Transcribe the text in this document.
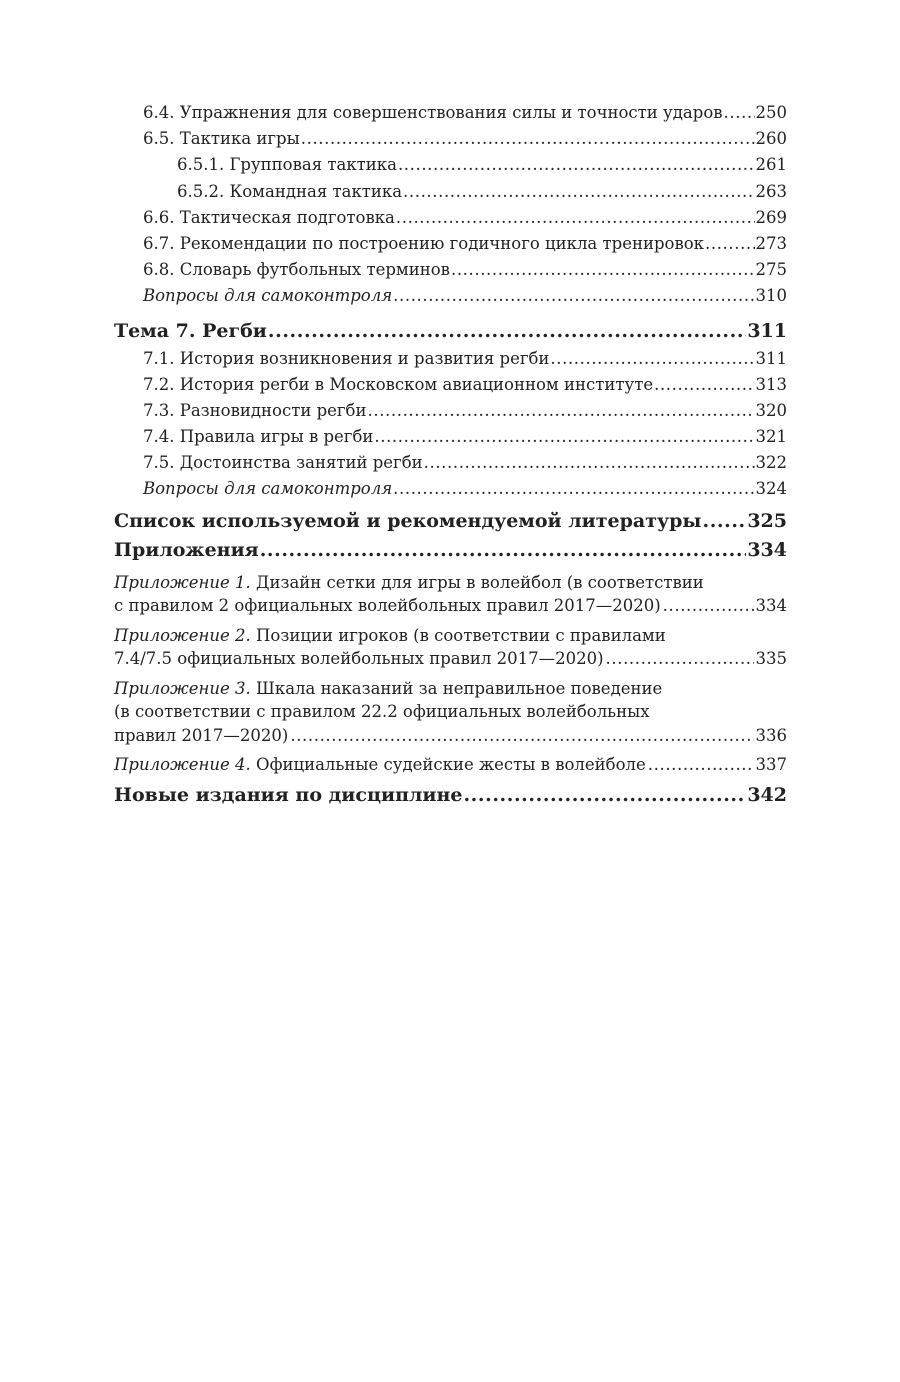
6.4. Упражнения для совершенствования силы и точности ударов ..... 250
6.5. Тактика игры .....	260
6.5.1. Групповая тактика .....	261
6.5.2. Командная тактика .....	263
6.6. Тактическая подготовка .....	269
6.7. Рекомендации по построению годичного цикла тренировок .....	273
6.8. Словарь футбольных терминов .....	275
Вопросы для самоконтроля .....	310
Тема 7. Регби .....	311
7.1. История возникновения и развития регби .....	311
7.2. История регби в Московском авиационном институте .....	313
7.3. Разновидности регби .....	320
7.4. Правила игры в регби .....	321
7.5. Достоинства занятий регби .....	322
Вопросы для самоконтроля .....	324
Список используемой и рекомендуемой литературы ..... 325
Приложения .....	334
Приложение 1. Дизайн сетки для игры в волейбол (в соответствии
с правилом 2 официальных волейбольных правил 2017—2020) .....	334
Приложение 2. Позиции игроков (в соответствии с правилами
7.4/7.5 официальных волейбольных правил 2017—2020) .....	335
Приложение 3. Шкала наказаний за неправильное поведение
(в соответствии с правилом 22.2 официальных волейбольных
правил 2017—2020) .....	336
Приложение 4.
Официальные судейские жесты в волейболе .....	337
Новые издания по дисциплине .....	342
